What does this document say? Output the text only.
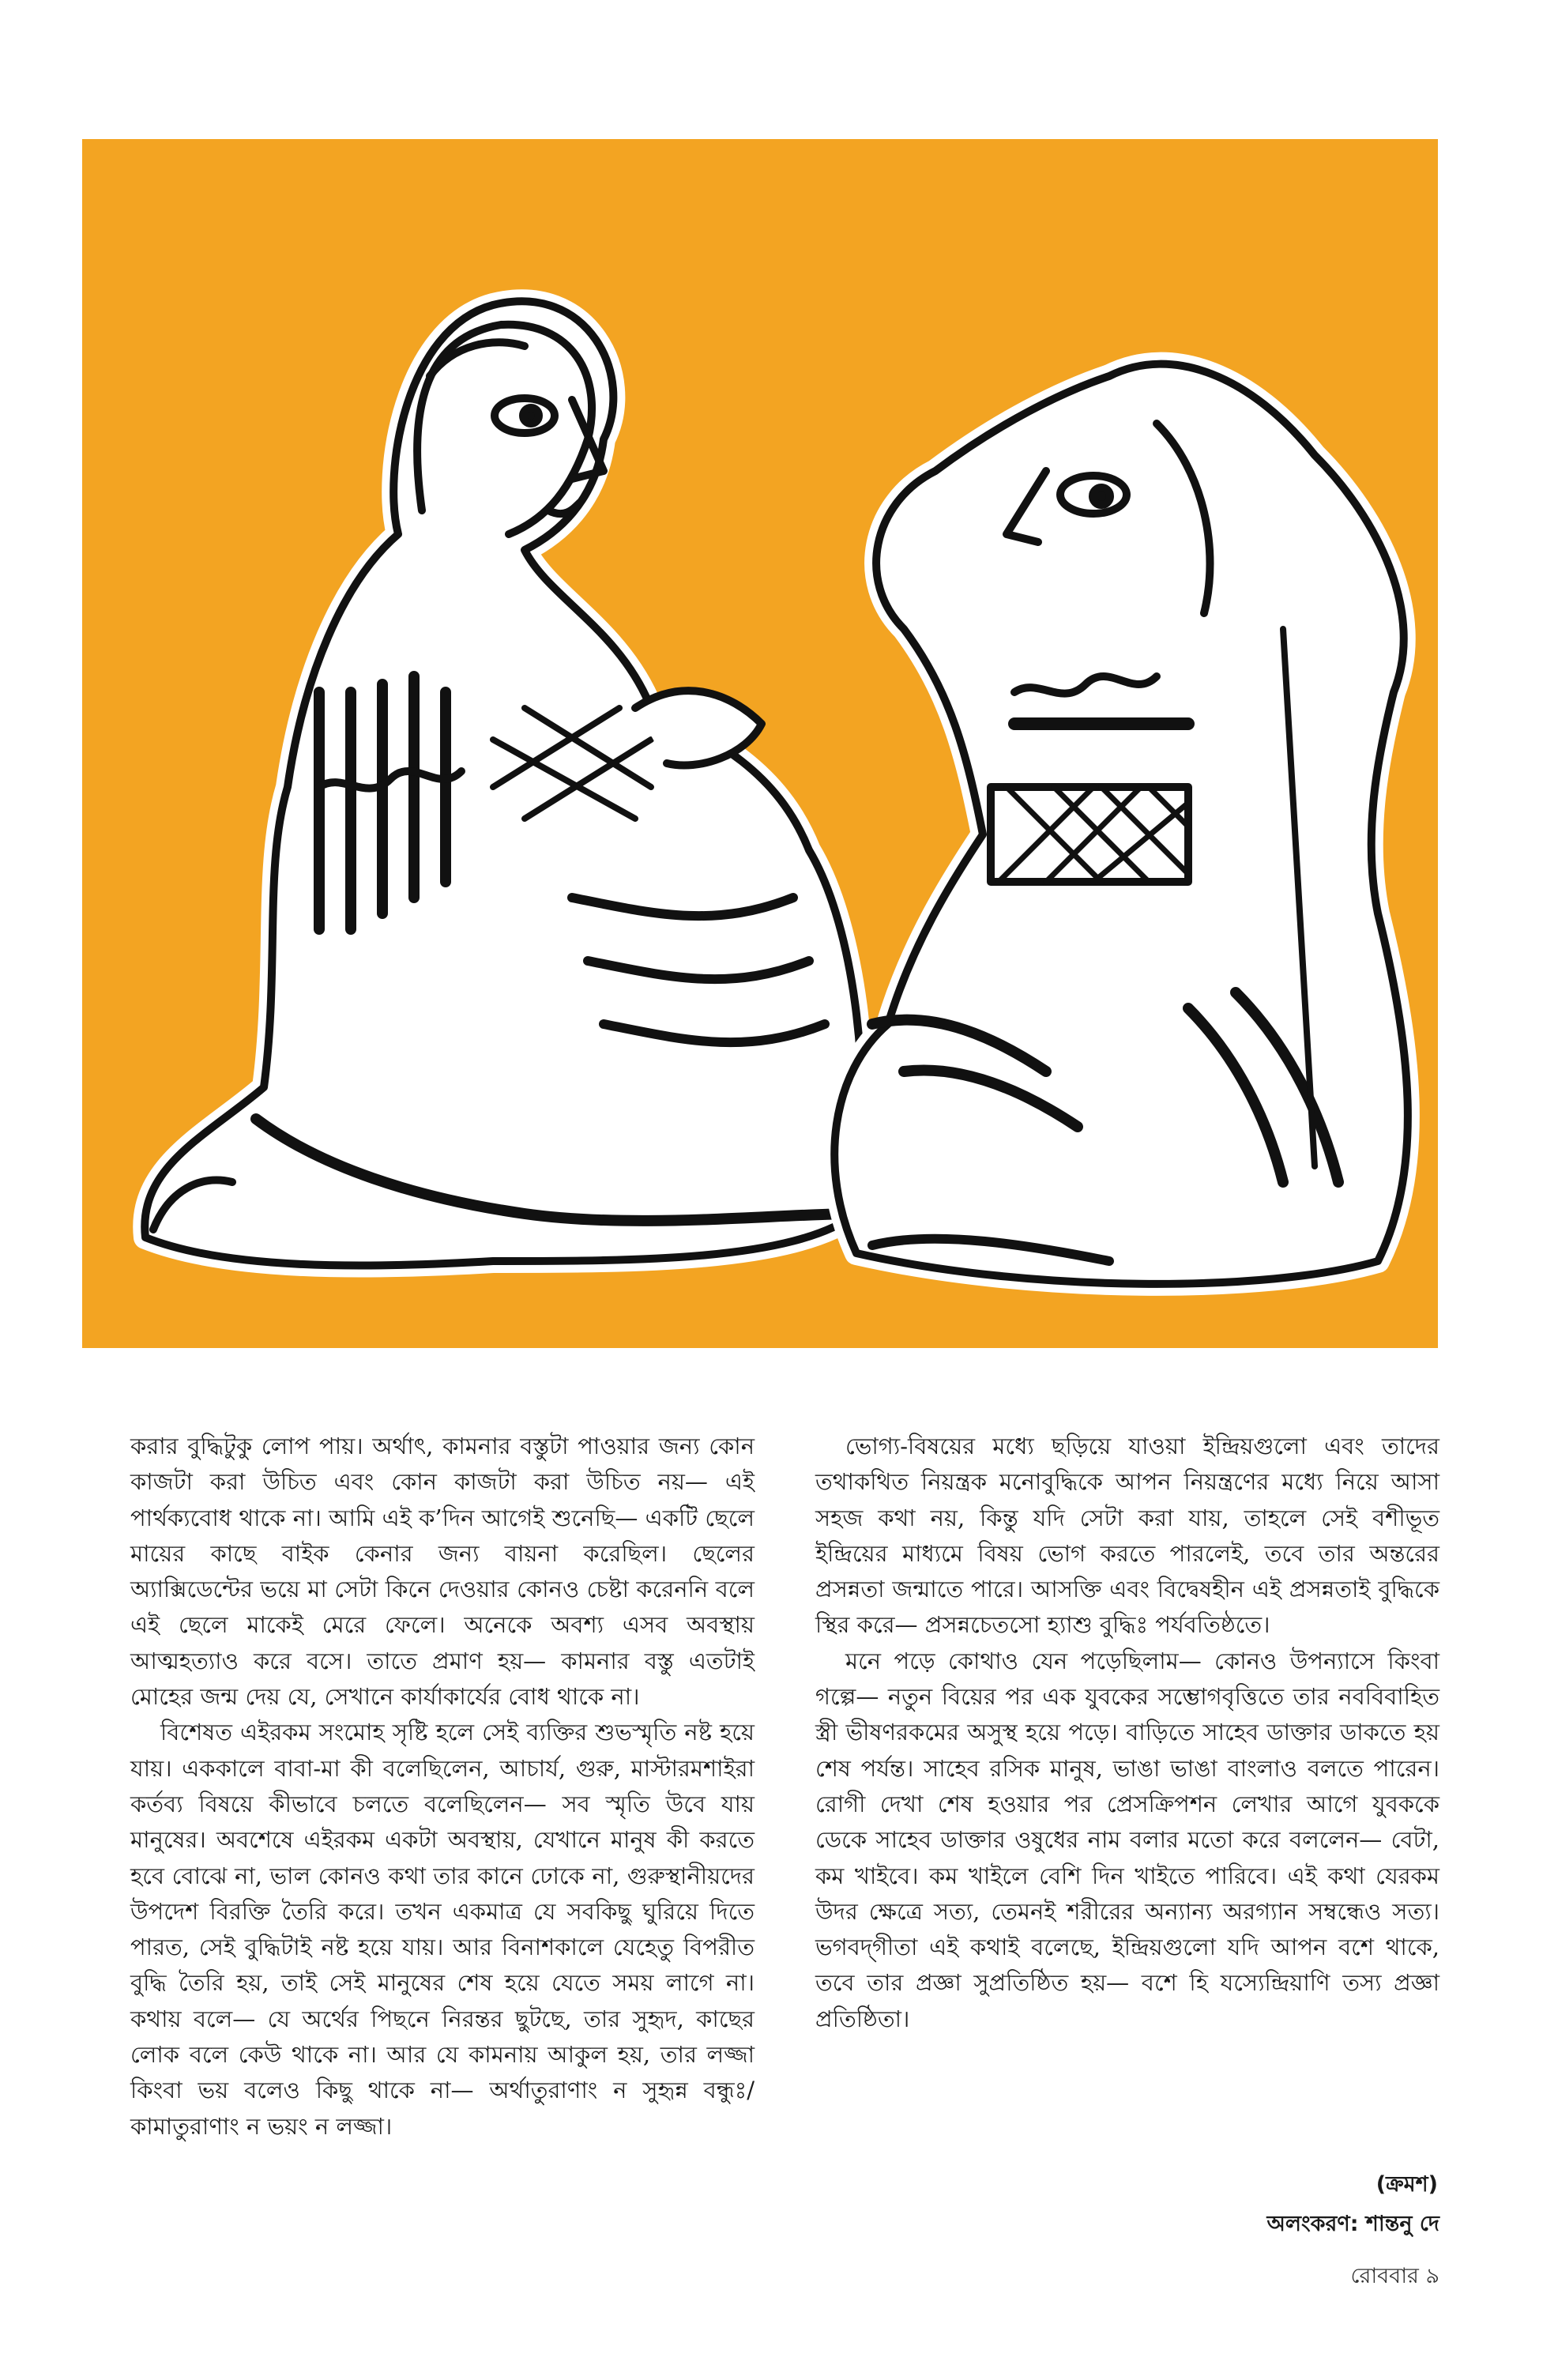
করার বুদ্ধিটুকু লোপ পায়। অর্থাৎ, কামনার বস্তুটা পাওয়ার জন্য কোন কাজটা করা উচিত এবং কোন কাজটা করা উচিত নয়— এই পার্থক্যবোধ থাকে না। আমি এই ক’দিন আগেই শুনেছি— একটি ছেলে মায়ের কাছে বাইক কেনার জন্য বায়না করেছিল। ছেলের অ্যাক্সিডেন্টের ভয়ে মা সেটা কিনে দেওয়ার কোনও চেষ্টা করেননি বলে এই ছেলে মাকেই মেরে ফেলে। অনেকে অবশ্য এসব অবস্থায় আত্মহত্যাও করে বসে। তাতে প্রমাণ হয়— কামনার বস্তু এতটাই মোহের জন্ম দেয় যে, সেখানে কার্যাকার্যের বোধ থাকে না।

বিশেষত এইরকম সংমোহ সৃষ্টি হলে সেই ব্যক্তির শুভস্মৃতি নষ্ট হয়ে যায়। এককালে বাবা-মা কী বলেছিলেন, আচার্য, গুরু, মাস্টারমশাইরা কর্তব্য বিষয়ে কীভাবে চলতে বলেছিলেন— সব স্মৃতি উবে যায় মানুষের। অবশেষে এইরকম একটা অবস্থায়, যেখানে মানুষ কী করতে হবে বোঝে না, ভাল কোনও কথা তার কানে ঢোকে না, গুরুস্থানীয়দের উপদেশ বিরক্তি তৈরি করে। তখন একমাত্র যে সবকিছু ঘুরিয়ে দিতে পারত, সেই বুদ্ধিটাই নষ্ট হয়ে যায়। আর বিনাশকালে যেহেতু বিপরীত বুদ্ধি তৈরি হয়, তাই সেই মানুষের শেষ হয়ে যেতে সময় লাগে না। কথায় বলে— যে অর্থের পিছনে নিরন্তর ছুটছে, তার সুহৃদ, কাছের লোক বলে কেউ থাকে না। আর যে কামনায় আকুল হয়, তার লজ্জা কিংবা ভয় বলেও কিছু থাকে না— অর্থাতুরাণাং ন সুহৃন্ন বন্ধুঃ/ কামাতুরাণাং ন ভয়ং ন লজ্জা।

ভোগ্য-বিষয়ের মধ্যে ছড়িয়ে যাওয়া ইন্দ্রিয়গুলো এবং তাদের তথাকথিত নিয়ন্ত্রক মনোবুদ্ধিকে আপন নিয়ন্ত্রণের মধ্যে নিয়ে আসা সহজ কথা নয়, কিন্তু যদি সেটা করা যায়, তাহলে সেই বশীভূত ইন্দ্রিয়ের মাধ্যমে বিষয় ভোগ করতে পারলেই, তবে তার অন্তরের প্রসন্নতা জন্মাতে পারে। আসক্তি এবং বিদ্বেষহীন এই প্রসন্নতাই বুদ্ধিকে স্থির করে— প্রসন্নচেতসো হ্যাশু বুদ্ধিঃ পর্যবতিষ্ঠতে।

মনে পড়ে কোথাও যেন পড়েছিলাম— কোনও উপন্যাসে কিংবা গল্পে— নতুন বিয়ের পর এক যুবকের সম্ভোগবৃত্তিতে তার নববিবাহিত স্ত্রী ভীষণরকমের অসুস্থ হয়ে পড়ে। বাড়িতে সাহেব ডাক্তার ডাকতে হয় শেষ পর্যন্ত। সাহেব রসিক মানুষ, ভাঙা ভাঙা বাংলাও বলতে পারেন। রোগী দেখা শেষ হওয়ার পর প্রেসক্রিপশন লেখার আগে যুবককে ডেকে সাহেব ডাক্তার ওষুধের নাম বলার মতো করে বললেন— বেটা, কম খাইবে। কম খাইলে বেশি দিন খাইতে পারিবে। এই কথা যেরকম উদর ক্ষেত্রে সত্য, তেমনই শরীরের অন্যান্য অরগ্যান সম্বন্ধেও সত্য। ভগবদ্‌গীতা এই কথাই বলেছে, ইন্দ্রিয়গুলো যদি আপন বশে থাকে, তবে তার প্রজ্ঞা সুপ্রতিষ্ঠিত হয়— বশে হি যস্যেন্দ্রিয়াণি তস্য প্রজ্ঞা প্রতিষ্ঠিতা।

(ক্রমশ)
অলংকরণ: শান্তনু দে
রোববার ৯
